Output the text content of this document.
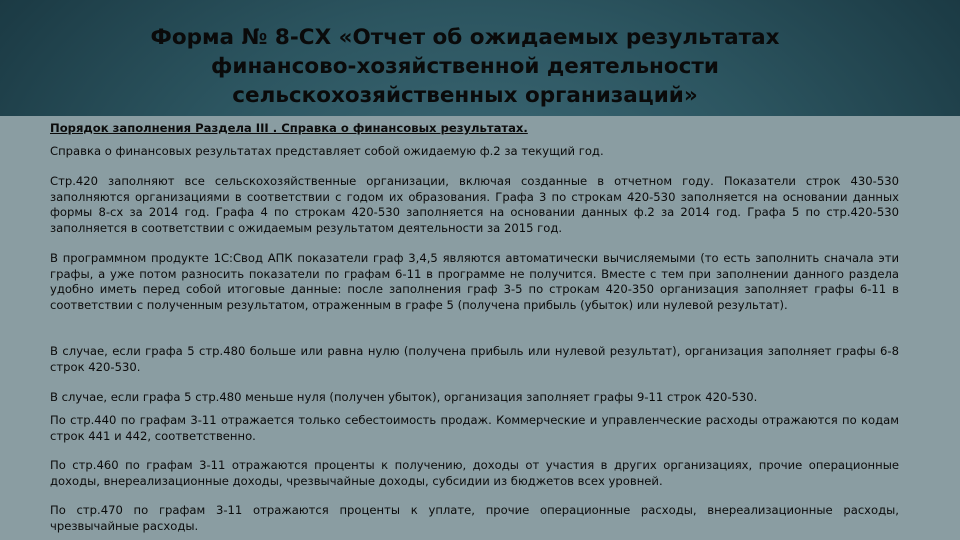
Форма № 8-СХ «Отчет об ожидаемых результатах
финансово-хозяйственной деятельности
сельскохозяйственных организаций»

Порядок заполнения Раздела III . Справка о финансовых результатах.

Справка о финансовых результатах представляет собой ожидаемую ф.2 за текущий год.

Стр.420 заполняют все сельскохозяйственные организации, включая созданные в отчетном году. Показатели строк 430-530 заполняются организациями в соответствии с годом их образования. Графа 3 по строкам 420-530 заполняется на основании данных формы 8-сх за 2014 год. Графа 4 по строкам 420-530 заполняется на основании данных ф.2 за 2014 год. Графа 5 по стр.420-530 заполняется в соответствии с ожидаемым результатом деятельности за 2015 год.

В программном продукте 1С:Свод АПК показатели граф 3,4,5 являются автоматически вычисляемыми (то есть заполнить сначала эти графы, а уже потом разносить показатели по графам 6-11 в программе не получится. Вместе с тем при заполнении данного раздела удобно иметь перед собой итоговые данные: после заполнения граф 3-5 по строкам 420-350 организация заполняет графы 6-11 в соответствии с полученным результатом, отраженным в графе 5 (получена прибыль (убыток) или нулевой результат).

В случае, если графа 5 стр.480 больше или равна нулю (получена прибыль или нулевой результат), организация заполняет графы 6-8 строк 420-530.

В случае, если графа 5 стр.480 меньше нуля (получен убыток), организация заполняет графы 9-11 строк 420-530.

По стр.440 по графам 3-11 отражается только себестоимость продаж. Коммерческие и управленческие расходы отражаются по кодам строк 441 и 442, соответственно.

По стр.460 по графам 3-11 отражаются проценты к получению, доходы от участия в других организациях, прочие операционные доходы, внереализационные доходы, чрезвычайные доходы, субсидии из бюджетов всех уровней.

По стр.470 по графам 3-11 отражаются проценты к уплате, прочие операционные расходы, внереализационные расходы, чрезвычайные расходы.
